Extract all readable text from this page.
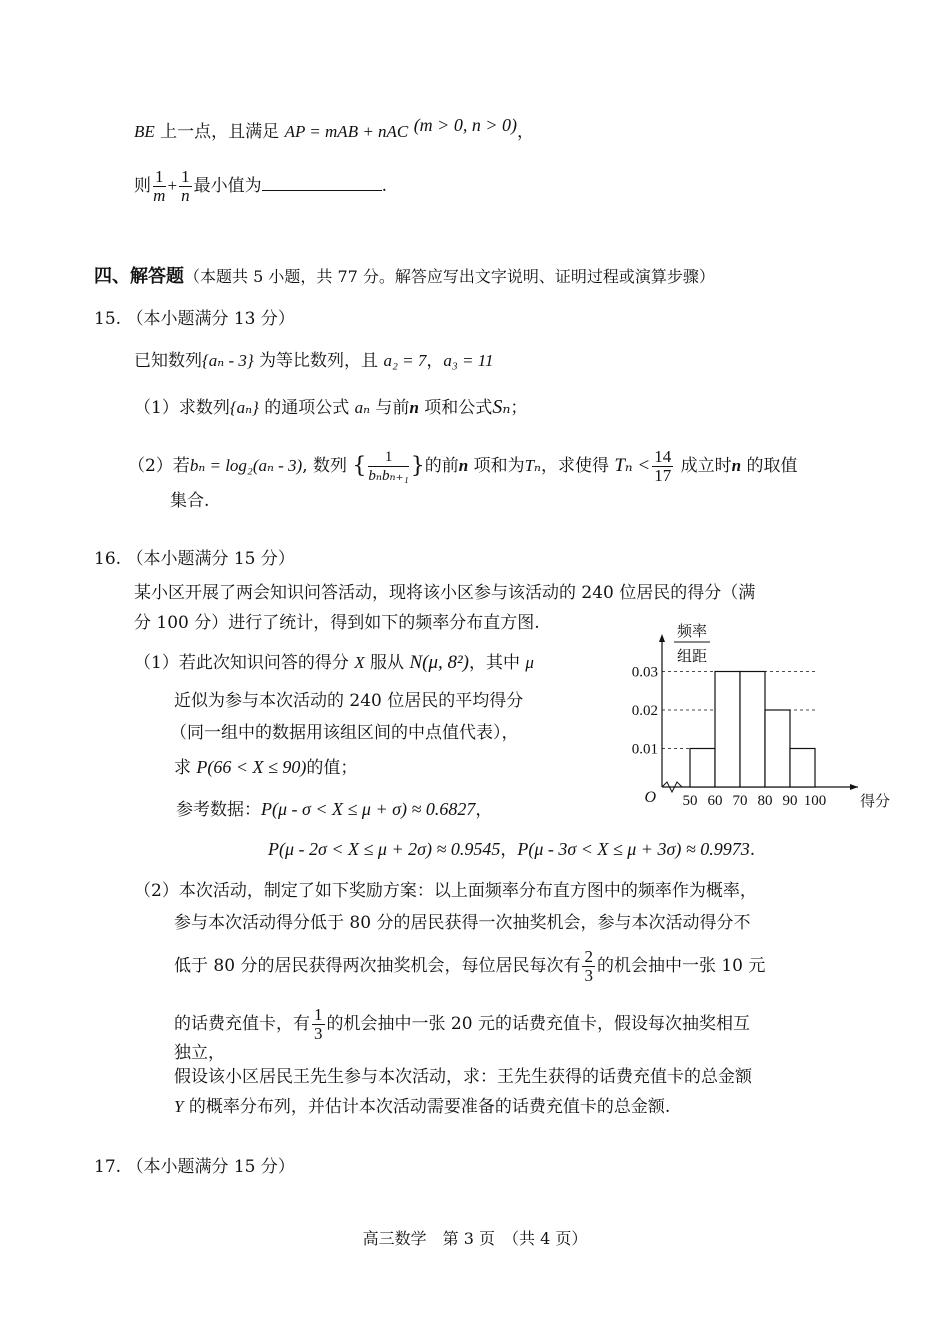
BE 上一点，且满足 AP = mAB + nAC (m > 0, n > 0)，
则 $\frac{1}{m} + \frac{1}{n}$ 最小值为	.
四、解答题（本题共 5 小题，共 77 分。解答应写出文字说明、证明过程或演算步骤）
15. （本小题满分 13 分）
已知数列{aₙ - 3} 为等比数列，且 a₂ = 7，a₃ = 11
（1）求数列{aₙ} 的通项公式 aₙ 与前n 项和公式Sₙ；
（2）若bₙ = log₂(aₙ - 3), 数列 { $\frac{1}{\text{bₙbₙ₊₁}}$ }的前n 项和为Tₙ，求使得 $T_n < \frac{14}{17}$ 成立时n 的取值
集合.
16. （本小题满分 15 分）
某小区开展了两会知识问答活动，现将该小区参与该活动的 240 位居民的得分（满
分 100 分）进行了统计，得到如下的频率分布直方图.
（1）若此次知识问答的得分 X 服从 N(μ, 8²)，其中 μ
近似为参与本次活动的 240 位居民的平均得分
（同一组中的数据用该组区间的中点值代表），
求 P(66 < X ≤ 90)的值；
参考数据：P(μ - σ < X ≤ μ + σ) ≈ 0.6827，
P(μ - 2σ < X ≤ μ + 2σ) ≈ 0.9545，P(μ - 3σ < X ≤ μ + 3σ) ≈ 0.9973.
0.01
0.02
0.03
50 60 70 80 90 100
O	得分
频率
组距
（2）本次活动，制定了如下奖励方案：以上面频率分布直方图中的频率作为概率，
参与本次活动得分低于 80 分的居民获得一次抽奖机会，参与本次活动得分不
低于 80 分的居民获得两次抽奖机会，每位居民每次有 $\frac{2}{3}$ 的机会抽中一张 10 元
的话费充值卡，有 $\frac{1}{3}$ 的机会抽中一张 20 元的话费充值卡，假设每次抽奖相互
独立，
假设该小区居民王先生参与本次活动，求：王先生获得的话费充值卡的总金额
Y 的概率分布列，并估计本次活动需要准备的话费充值卡的总金额.
17. （本小题满分 15 分）
高三数学　第 3 页　（共 4 页）
